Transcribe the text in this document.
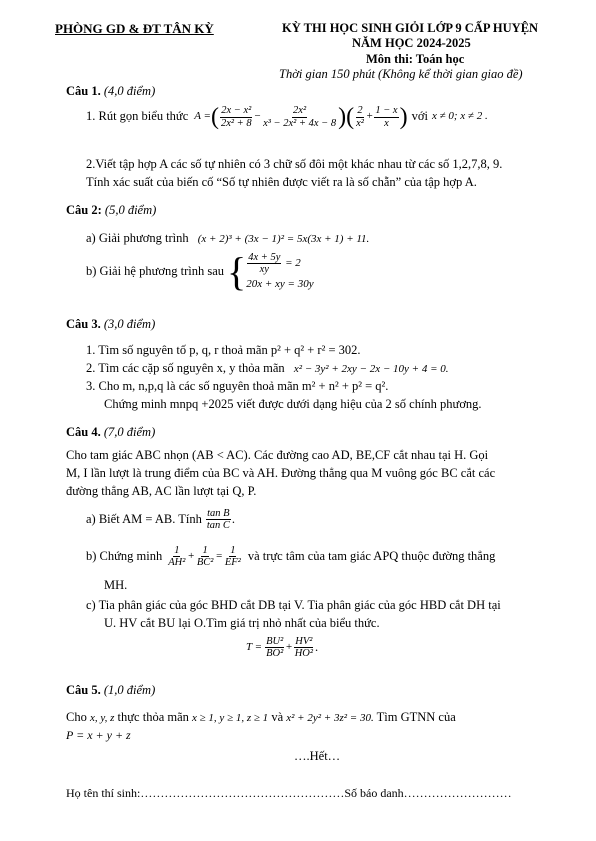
PHÒNG GD & ĐT TÂN KỲ	KỲ THI HỌC SINH GIỎI LỚP 9 CẤP HUYỆN
NĂM HỌC 2024-2025
Môn thi: Toán học
Thời gian 150 phút (Không kể thời gian giao đề)
Câu 1. (4,0 điểm)
1. Rút gọn biểu thức A = ( $\frac{\text{2x − x²}}{\text{2x² + 8}} - \frac{\text{2x²}}{\text{x³ − 2x² + 4x − 8}}$ )( $\frac{2}{\text{x²}} + \frac{1 - x}{x}$ ) với x ≠ 0; x ≠ 2 .
2.Viết tập hợp A các số tự nhiên có 3 chữ số đôi một khác nhau từ các số 1,2,7,8, 9.
Tính xác suất của biến cố “Số tự nhiên được viết ra là số chẵn” của tập hợp A.
Câu 2: (5,0 điểm)
a) Giải phương trình (x + 2)³ + (3x − 1)² = 5x(3x + 1) + 11.
b) Giải hệ phương trình sau { $\frac{4x + 5y}{xy} = 2$
20x + xy = 30y
Câu 3. (3,0 điểm)
1. Tìm số nguyên tố p, q, r thoả mãn p² + q² + r² = 302.
2. Tìm các cặp số nguyên x, y thỏa mãn x² − 3y² + 2xy − 2x − 10y + 4 = 0.
3. Cho m, n,p,q là các số nguyên thoả mãn m² + n² + p² = q².
Chứng minh mnpq +2025 viết được dưới dạng hiệu của 2 số chính phương.
Câu 4. (7,0 điểm)
Cho tam giác ABC nhọn (AB < AC). Các đường cao AD, BE,CF cắt nhau tại H. Gọi
M, I lần lượt là trung điểm của BC và AH. Đường thẳng qua M vuông góc BC cắt các
đường thẳng AB, AC lần lượt tại Q, P.
a) Biết AM = AB. Tính $\frac{\text{tan B}}{\text{tan C}}$ .
b) Chứng minh $\frac{1}{\text{AH²}} + \frac{1}{\text{BC²}} = \frac{1}{\text{EF²}}$ và trực tâm của tam giác APQ thuộc đường thẳng
MH.
c) Tia phân giác của góc BHD cắt DB tại V. Tia phân giác của góc HBD cắt DH tại
U. HV cắt BU lại O.Tìm giá trị nhỏ nhất của biểu thức.
$T = \frac{\text{BU²}}{\text{BO²}} + \frac{\text{HV²}}{\text{HO²}}$ .
Câu 5. (1,0 điểm)
Cho x, y, z thực thỏa mãn x ≥ 1, y ≥ 1, z ≥ 1 và x² + 2y² + 3z² = 30. Tìm GTNN của
P = x + y + z
….Hết…
Họ tên thí sinh:……………………………………………Số báo danh………………………
